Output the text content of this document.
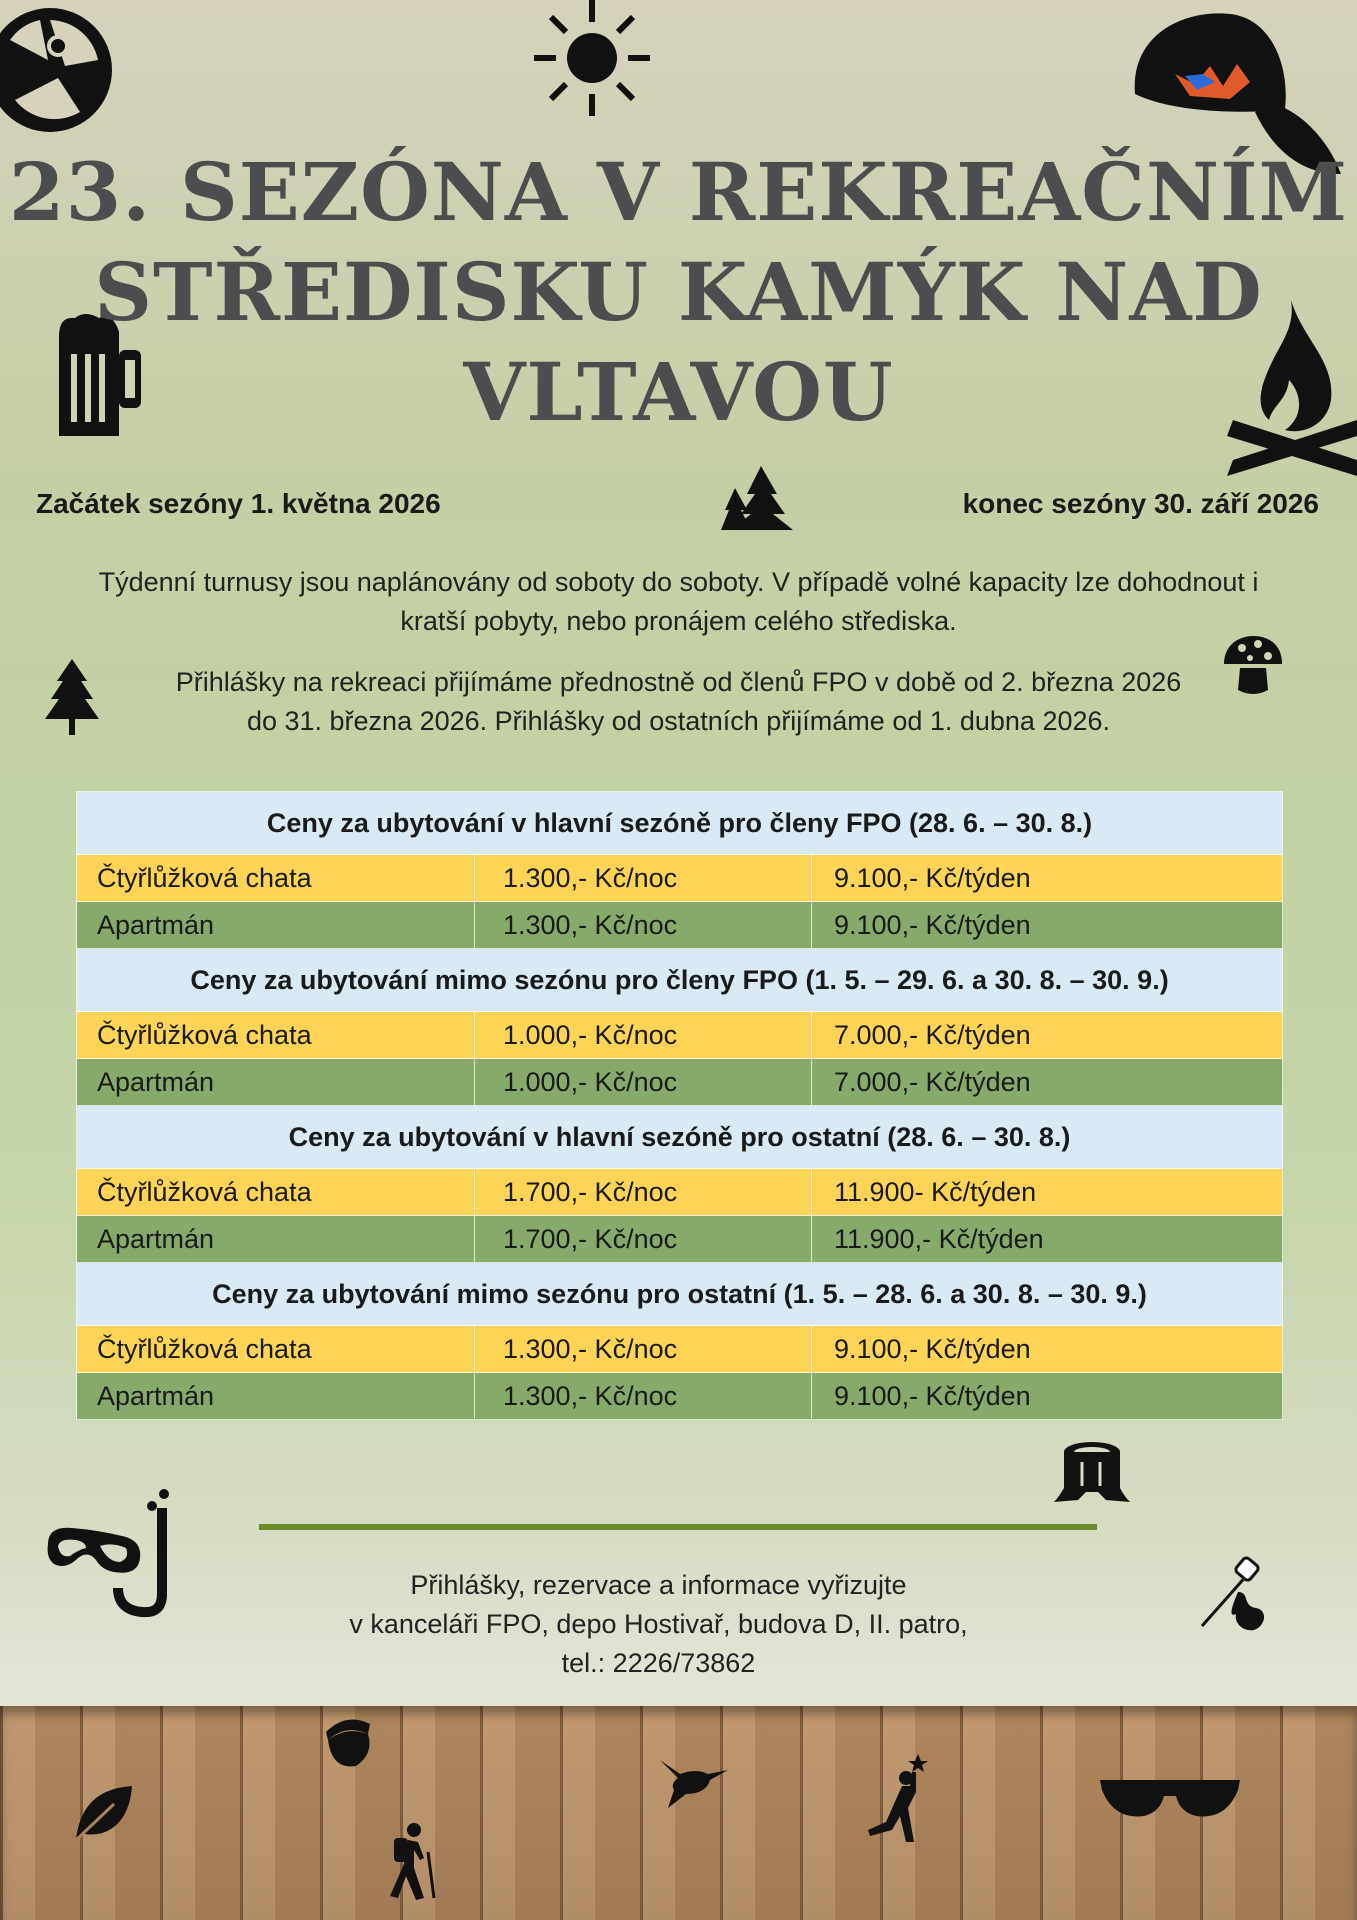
23. SEZÓNA V REKREAČNÍM
STŘEDISKU KAMÝK NAD
VLTAVOU
Začátek sezóny 1. května 2026	konec sezóny 30. září 2026
Týdenní turnusy jsou naplánovány od soboty do soboty. V případě volné kapacity lze dohodnout i
kratší pobyty, nebo pronájem celého střediska.
Přihlášky na rekreaci přijímáme přednostně od členů FPO v době od 2. března 2026
do 31. března 2026. Přihlášky od ostatních přijímáme od 1. dubna 2026.
Ceny za ubytování v hlavní sezóně pro členy FPO (28. 6. – 30. 8.)		
Čtyřlůžková chata	1.300,- Kč/noc	9.100,- Kč/týden
Apartmán	1.300,- Kč/noc	9.100,- Kč/týden
Ceny za ubytování mimo sezónu pro členy FPO (1. 5. – 29. 6. a 30. 8. – 30. 9.)		
Čtyřlůžková chata	1.000,- Kč/noc	7.000,- Kč/týden
Apartmán	1.000,- Kč/noc	7.000,- Kč/týden
Ceny za ubytování v hlavní sezóně pro ostatní (28. 6. – 30. 8.)		
Čtyřlůžková chata	1.700,- Kč/noc	11.900- Kč/týden
Apartmán	1.700,- Kč/noc	11.900,- Kč/týden
Ceny za ubytování mimo sezónu pro ostatní (1. 5. – 28. 6. a 30. 8. – 30. 9.)		
Čtyřlůžková chata	1.300,- Kč/noc	9.100,- Kč/týden
Apartmán	1.300,- Kč/noc	9.100,- Kč/týden
Přihlášky, rezervace a informace vyřizujte
v kanceláři FPO, depo Hostivař, budova D, II. patro,
tel.: 2226/73862
